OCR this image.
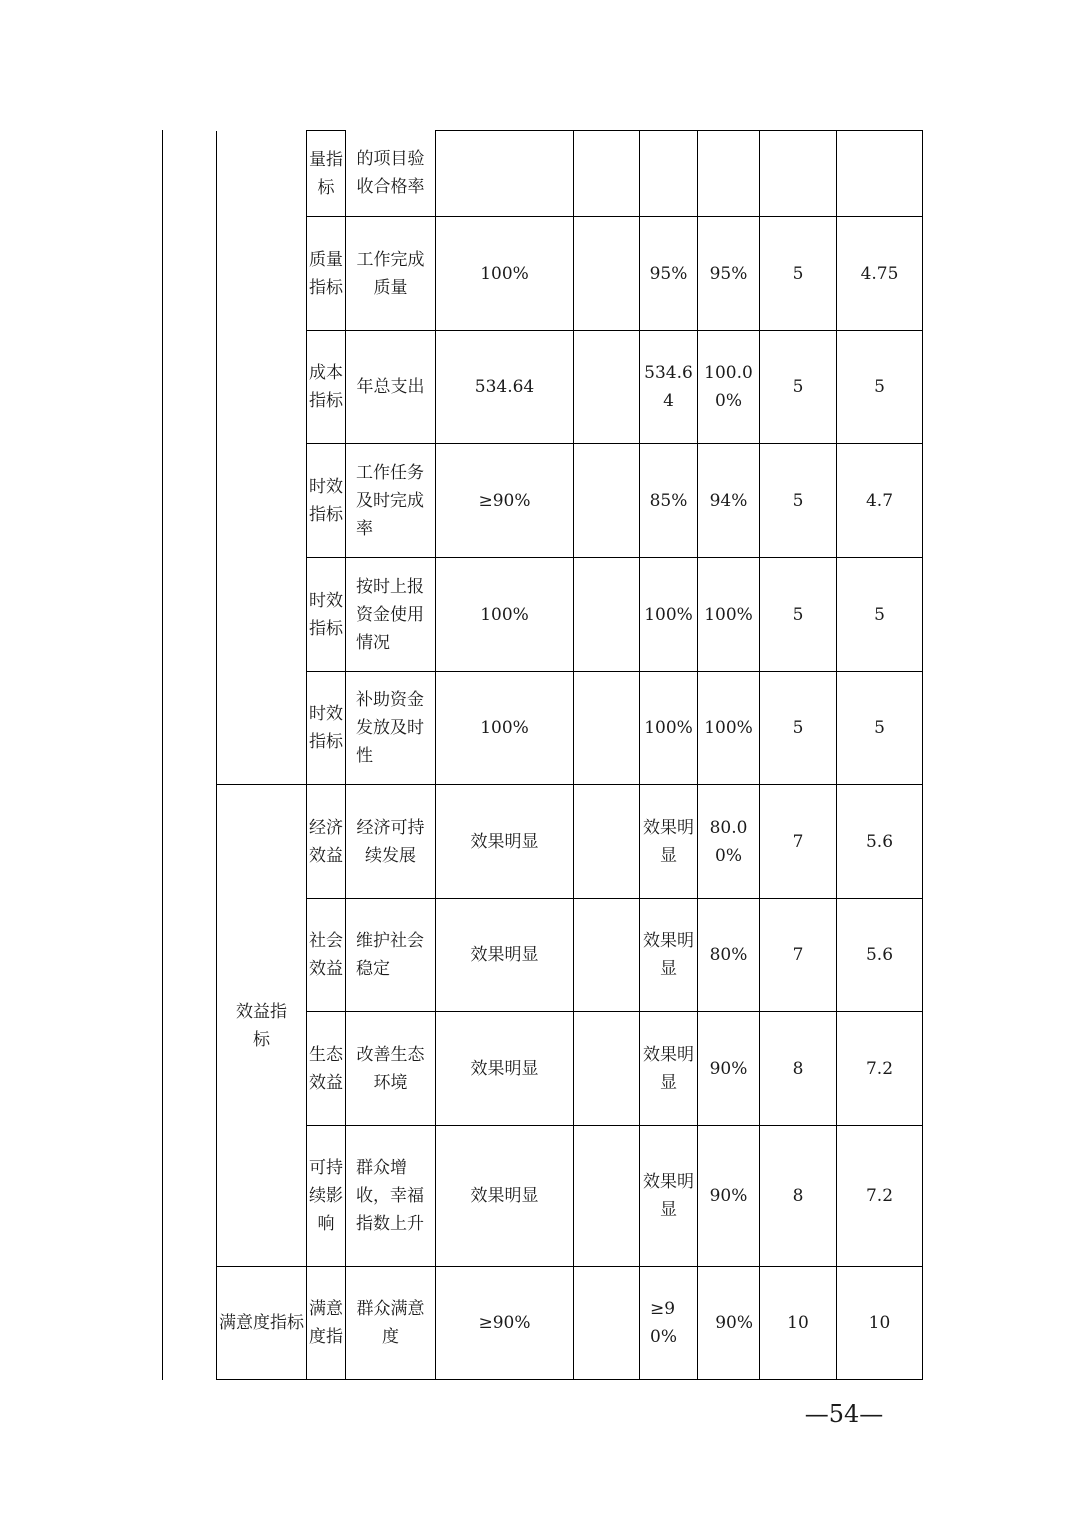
	量指标	的项目验收合格率						
	质量指标	工作完成质量	100%		95%	95%	5	4.75
	成本指标	年总支出	534.64		534.64	100.00%	5	5
	时效指标	工作任务及时完成率	≥90%		85%	94%	5	4.7
	时效指标	按时上报资金使用情况	100%		100%	100%	5	5
	时效指标	补助资金发放及时性	100%		100%	100%	5	5
效益指标	经济效益	经济可持续发展	效果明显		效果明显	80.00%	7	5.6
	社会效益	维护社会稳定	效果明显		效果明显	80%	7	5.6
	生态效益	改善生态环境	效果明显		效果明显	90%	8	7.2
	可持续影响	群众增收，幸福指数上升	效果明显		效果明显	90%	8	7.2
满意度指标	满意度指	群众满意度	≥90%		≥90%	90%	10	10
—54—
